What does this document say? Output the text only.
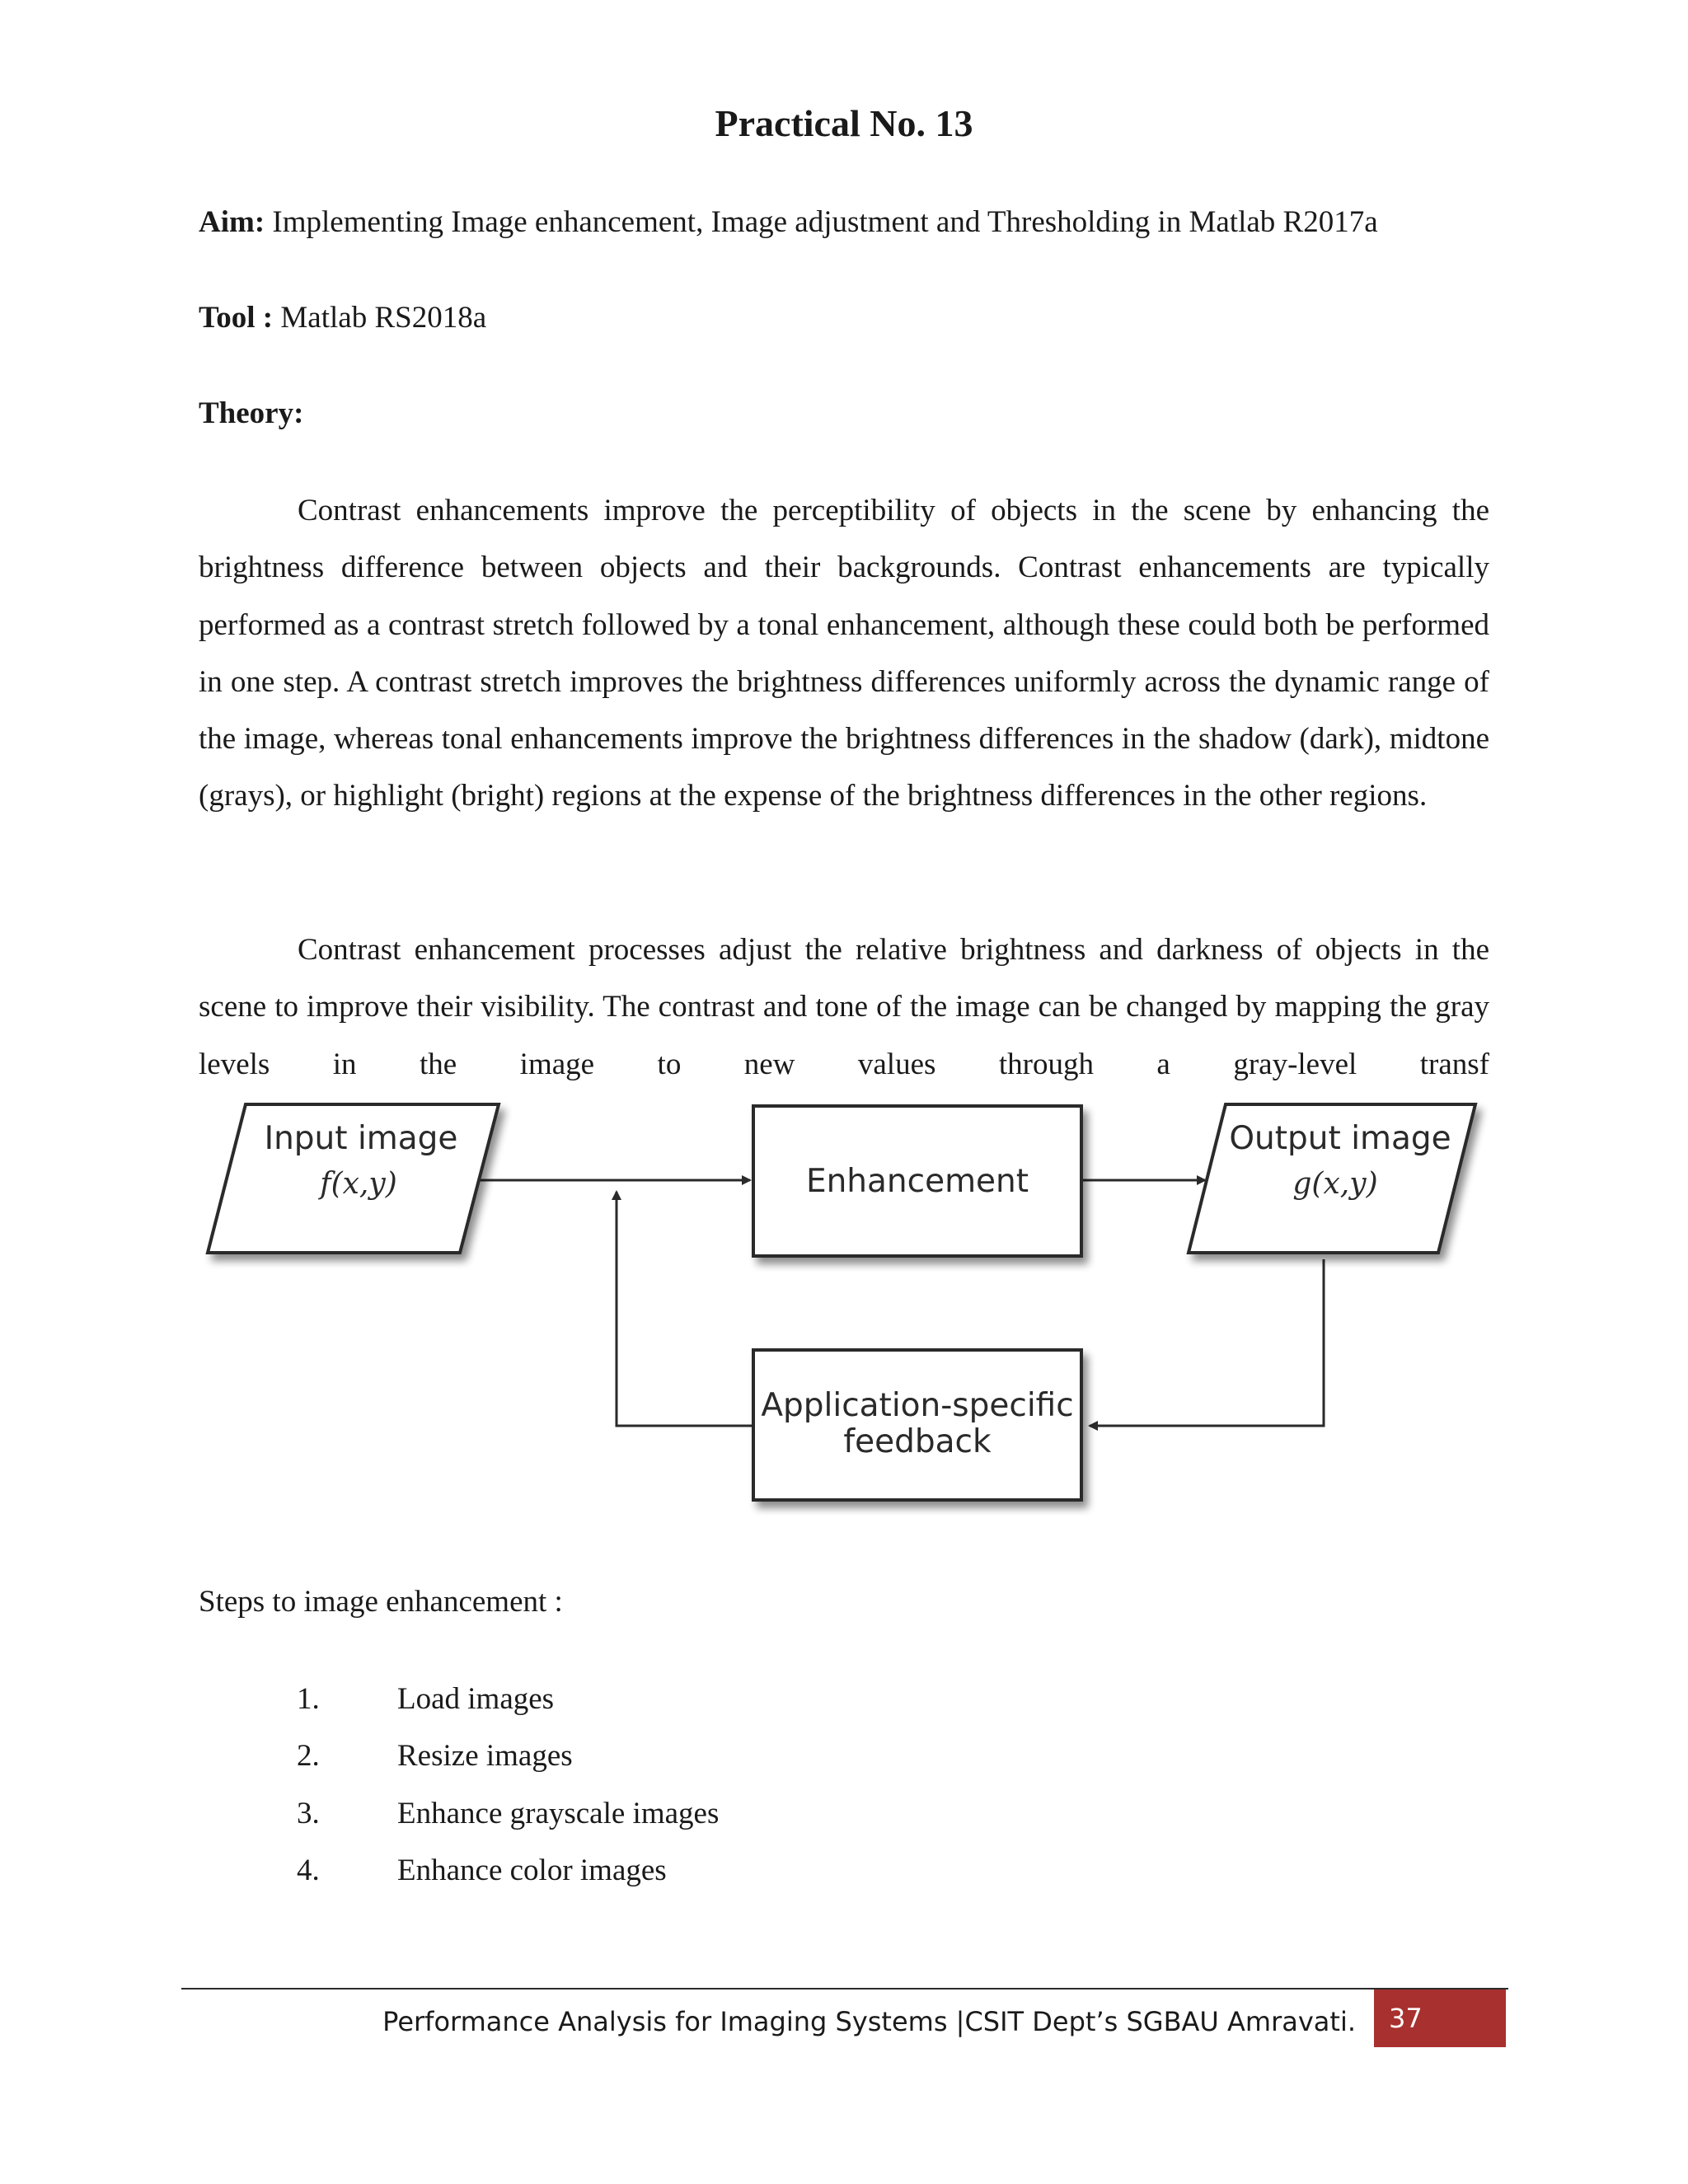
Practical No. 13
Aim: Implementing Image enhancement, Image adjustment and Thresholding in Matlab R2017a
Tool : Matlab RS2018a
Theory:

Contrast enhancements improve the perceptibility of objects in the scene by enhancing the brightness difference between objects and their backgrounds. Contrast enhancements are typically performed as a contrast stretch followed by a tonal enhancement, although these could both be performed in one step. A contrast stretch improves the brightness differences uniformly across the dynamic range of the image, whereas tonal enhancements improve the brightness differences in the shadow (dark), midtone (grays), or highlight (bright) regions at the expense of the brightness differences in the other regions.

Contrast enhancement processes adjust the relative brightness and darkness of objects in the scene to improve their visibility. The contrast and tone of the image can be changed by mapping the gray levels in the image to new values through a gray-level transf

Input image
f(x,y)	Enhancement
Output image
g(x,y)
Application-specific
feedback
Steps to image enhancement :
1.	Load images
2.	Resize images
3.	Enhance grayscale images
4.	Enhance color images
Performance Analysis for Imaging Systems |CSIT Dept’s SGBAU Amravati.	37
